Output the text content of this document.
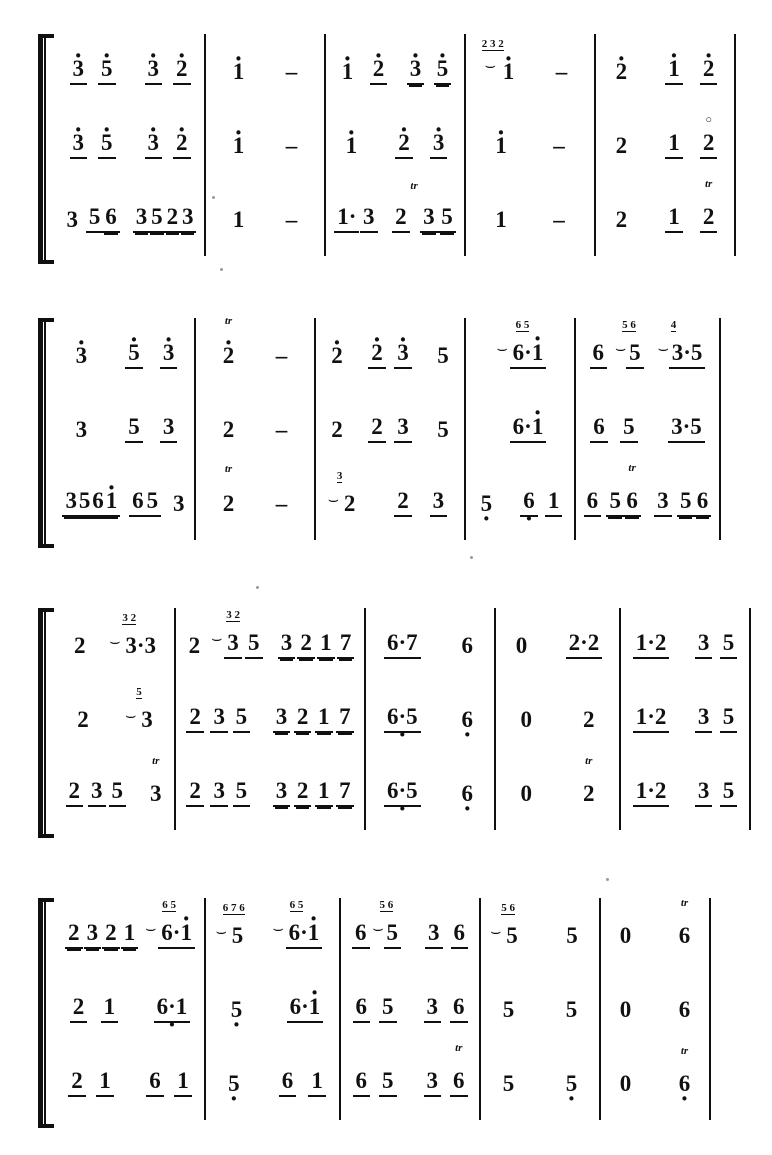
· 3 · 5 · 3 · 2 · 1 – · 1 · 2 · 3 · 5
· 2 3 2
1 – · 2 · 1 · 2
· 3 · 5 · 3 · 2 · 1 – · 1 · 2 · 3 · 1 – 2 1 2
○
3 5 6 3 5 2 3 1 – 1· 3
tr
2 3 5 1 – 2 1
tr
2
· 3 · 5 · 3
· tr
2 – · 2 · 2 · 3 5
6 5
6·· 1 6
5 6
5
4
3·5
3 5 3 2 – 2 2 3 5	6·· 1 6 5 3·5
3 5 6 · 1 6 5 3
tr
2 –
3
2 2 3 5 · 6 · 1 6 5
tr
6 3 5 6
2
3 2
3·3 2
3 2
3 5 3 2 1 7 6·7 6 0 2·2 1·2 3 5
2
5
3 2 3 5 3 2 1 7 6·5 · 6 · 0 2 1·2 3 5
2 3 5
tr
3 2 3 5 3 2 1 7 6·5 · 6 · 0
tr
2 1·2 3 5
2 3 2 1
6 5
6·· 1
6 7 6
5
6 5
6·· 1 6
5 6
5 3 6
5 6
5 5 0
tr
6
2 1 6·1 · 5 · 6·· 1 6 5 3 6 5 5 0 6
2 1 6 1 5 · 6 1 6 5 3
tr
6 5 5 · 0
tr
6 ·
